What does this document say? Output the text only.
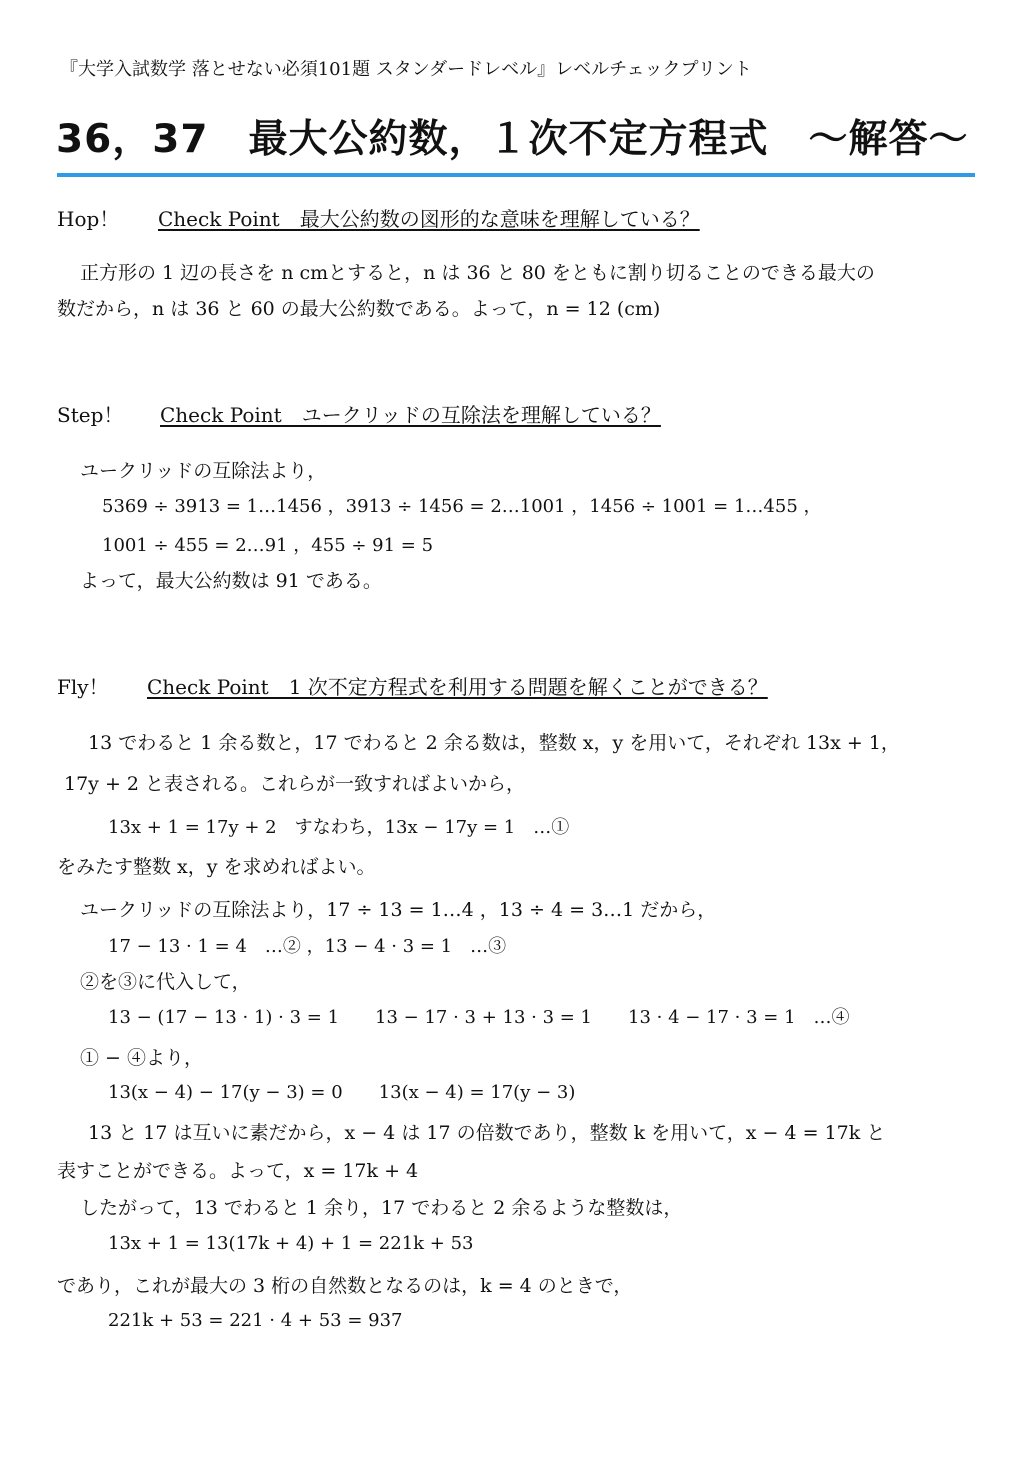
『大学入試数学 落とせない必須101題 スタンダードレベル』レベルチェックプリント
36，37　最大公約数，１次不定方程式　～解答～
Hop！ Check Point　最大公約数の図形的な意味を理解している？
正方形の 1 辺の長さを n cmとすると，n は 36 と 80 をともに割り切ることのできる最大の
数だから，n は 36 と 60 の最大公約数である。よって，n = 12 (cm)
Step！ Check Point　ユークリッドの互除法を理解している？
ユークリッドの互除法より，
5369 ÷ 3913 = 1…1456 ，3913 ÷ 1456 = 2…1001 ，1456 ÷ 1001 = 1…455 ，
1001 ÷ 455 = 2…91 ，455 ÷ 91 = 5
よって，最大公約数は 91 である。
Fly！ Check Point　1 次不定方程式を利用する問題を解くことができる？
13 でわると 1 余る数と，17 でわると 2 余る数は，整数 x，y を用いて，それぞれ 13x + 1，
17y + 2 と表される。これらが一致すればよいから，
13x + 1 = 17y + 2　すなわち，13x − 17y = 1　…①
をみたす整数 x，y を求めればよい。
ユークリッドの互除法より，17 ÷ 13 = 1…4 ，13 ÷ 4 = 3…1 だから，
17 − 13 · 1 = 4　…② ，13 − 4 · 3 = 1　…③
②を③に代入して，
13 − (17 − 13 · 1) · 3 = 1　　13 − 17 · 3 + 13 · 3 = 1　　13 · 4 − 17 · 3 = 1　…④
① − ④より，
13(x − 4) − 17(y − 3) = 0　　13(x − 4) = 17(y − 3)
13 と 17 は互いに素だから，x − 4 は 17 の倍数であり，整数 k を用いて，x − 4 = 17k と
表すことができる。よって，x = 17k + 4
したがって，13 でわると 1 余り，17 でわると 2 余るような整数は，
13x + 1 = 13(17k + 4) + 1 = 221k + 53
であり，これが最大の 3 桁の自然数となるのは，k = 4 のときで，
221k + 53 = 221 · 4 + 53 = 937
